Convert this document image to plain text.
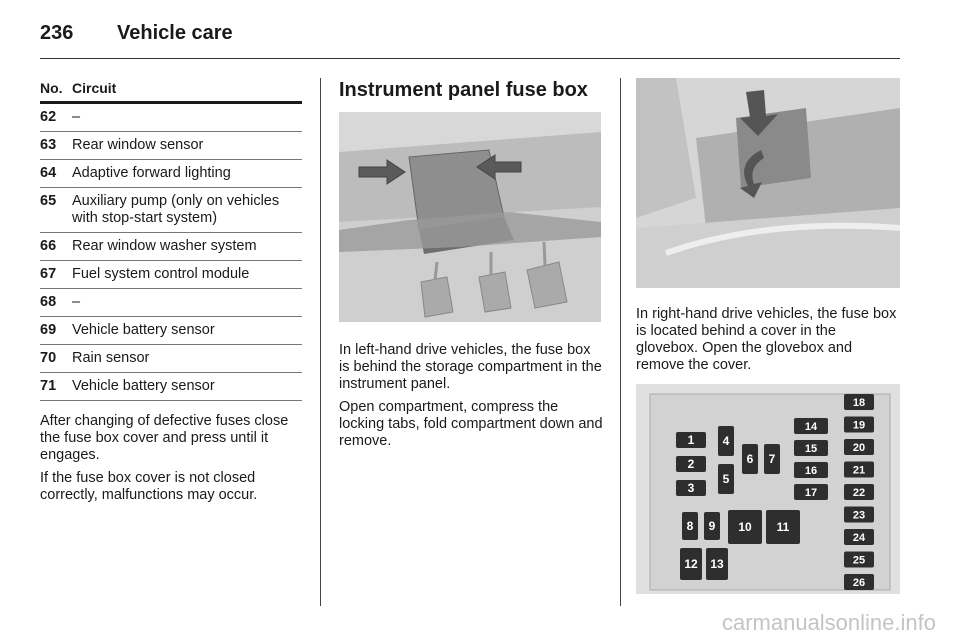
236 Vehicle care
No. Circuit
62	–
63	Rear window sensor
64	Adaptive forward lighting
65	Auxiliary pump (only on vehicles with stop-start system)
66	Rear window washer system
67	Fuel system control module
68	–
69	Vehicle battery sensor
70	Rain sensor
71	Vehicle battery sensor

After changing of defective fuses close the fuse box cover and press until it engages.

If the fuse box cover is not closed correctly, malfunctions may occur.

Instrument panel fuse box

In left-hand drive vehicles, the fuse box is behind the storage compartment in the instrument panel.

Open compartment, compress the locking tabs, fold compartment down and remove.

In right-hand drive vehicles, the fuse box is located behind a cover in the glovebox. Open the glovebox and remove the cover.

1
2
3
4
5
6 7
8 9 10 11
12 13
14
15
16
17
18
19
20
21
22
23
24
25
26
carmanualsonline.info
